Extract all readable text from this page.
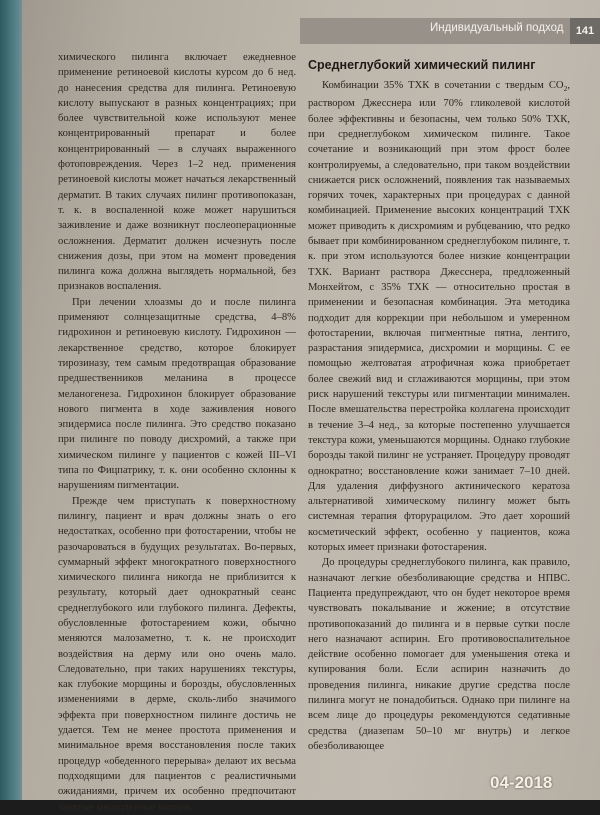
Индивидуальный подход	141

химического пилинга включает ежедневное применение ретиноевой кислоты курсом до 6 нед. до нанесения средства для пилинга. Ретиноевую кислоту выпускают в разных концентрациях; при более чувствительной коже используют менее концентрированный препарат и более концентрированный — в случаях выраженного фотоповреждения. Через 1–2 нед. применения ретиноевой кислоты может начаться лекарственный дерматит. В таких случаях пилинг противопоказан, т. к. в воспаленной коже может нарушиться заживление и даже возникнут послеоперационные осложнения. Дерматит должен исчезнуть после снижения дозы, при этом на момент проведения пилинга кожа должна выглядеть нормальной, без признаков воспаления.

При лечении хлоазмы до и после пилинга применяют солнцезащитные средства, 4–8% гидрохинон и ретиноевую кислоту. Гидрохинон — лекарственное средство, которое блокирует тирозиназу, тем самым предотвращая образование предшественников меланина в процессе меланогенеза. Гидрохинон блокирует образование нового пигмента в ходе заживления нового эпидермиса после пилинга. Это средство показано при пилинге по поводу дисхромий, а также при химическом пилинге у пациентов с кожей III–VI типа по Фицпатрику, т. к. они особенно склонны к нарушениям пигментации.

Прежде чем приступать к поверхностному пилингу, пациент и врач должны знать о его недостатках, особенно при фотостарении, чтобы не разочароваться в будущих результатах. Во-первых, суммарный эффект многократного поверхностного химического пилинга никогда не приблизится к результату, который дает однократный сеанс среднеглубокого или глубокого пилинга. Дефекты, обусловленные фотостарением кожи, обычно меняются малозаметно, т. к. не происходит воздействия на дерму или оно очень мало. Следовательно, при таких нарушениях текстуры, как глубокие морщины и борозды, обусловленных изменениями в дерме, сколь-либо значимого эффекта при поверхностном пилинге достичь не удается. Тем не менее простота применения и минимальное время восстановления после таких процедур «обеденного перерыва» делают их весьма подходящими для пациентов с реалистичными ожиданиями, причем их особенно предпочитают занятые многодетные матери.

Среднеглубокий химический пилинг

Комбинации 35% ТХК в сочетании с твердым $CO_2$, раствором Джесснера или 70% гликолевой кислотой более эффективны и безопасны, чем только 50% ТХК, при среднеглубоком химическом пилинге. Такое сочетание и возникающий при этом фрост более контролируемы, а следовательно, при таком воздействии снижается риск осложнений, появления так называемых горячих точек, характерных при процедурах с данной комбинацией. Применение высоких концентраций ТХК может приводить к дисхромиям и рубцеванию, что редко бывает при комбинированном среднеглубоком пилинге, т. к. при этом используются более низкие концентрации ТХК. Вариант раствора Джесснера, предложенный Монхейтом, с 35% ТХК — относительно простая в применении и безопасная комбинация. Эта методика подходит для коррекции при небольшом и умеренном фотостарении, включая пигментные пятна, лентиго, разрастания эпидермиса, дисхромии и морщины. С ее помощью желтоватая атрофичная кожа приобретает более свежий вид и сглаживаются морщины, при этом риск нарушений текстуры или пигментации минимален. После вмешательства перестройка коллагена происходит в течение 3–4 нед., за которые постепенно улучшается текстура кожи, уменьшаются морщины. Однако глубокие борозды такой пилинг не устраняет. Процедуру проводят однократно; восстановление кожи занимает 7–10 дней. Для удаления диффузного актинического кератоза альтернативой химическому пилингу может быть системная терапия фторурацилом. Это дает хороший косметический эффект, особенно у пациентов, кожа которых имеет признаки фотостарения.

До процедуры среднеглубокого пилинга, как правило, назначают легкие обезболивающие средства и НПВС. Пациента предупреждают, что он будет некоторое время чувствовать покалывание и жжение; в отсутствие противопоказаний до пилинга и в первые сутки после него назначают аспирин. Его противовоспалительное действие особенно помогает для уменьшения отека и купирования боли. Если аспирин назначить до проведения пилинга, никакие другие средства после пилинга могут не понадобиться. Однако при пилинге на всем лице до процедуры рекомендуются седативные средства (диазепам 50–10 мг внутрь) и легкое обезболивающее

04-2018
